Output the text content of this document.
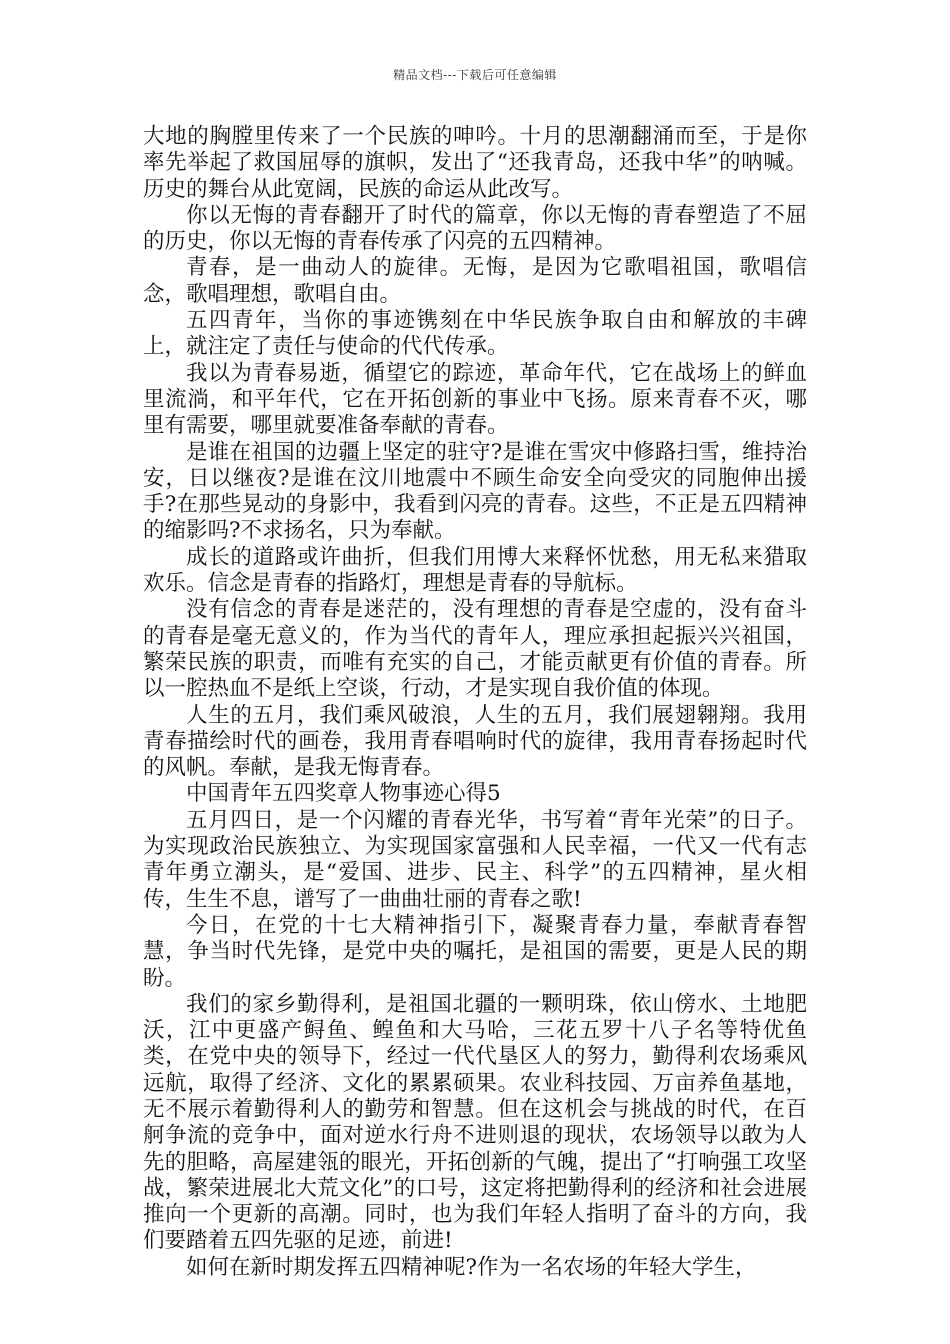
精品文档---下载后可任意编辑

大地的胸膛里传来了一个民族的呻吟。十月的思潮翻涌而至，于是你率先举起了救国屈辱的旗帜，发出了“还我青岛，还我中华”的呐喊。历史的舞台从此宽阔，民族的命运从此改写。

你以无悔的青春翻开了时代的篇章，你以无悔的青春塑造了不屈的历史，你以无悔的青春传承了闪亮的五四精神。

青春，是一曲动人的旋律。无悔，是因为它歌唱祖国，歌唱信念，歌唱理想，歌唱自由。

五四青年，当你的事迹镌刻在中华民族争取自由和解放的丰碑上，就注定了责任与使命的代代传承。

我以为青春易逝，循望它的踪迹，革命年代，它在战场上的鲜血里流淌，和平年代，它在开拓创新的事业中飞扬。原来青春不灭，哪里有需要，哪里就要准备奉献的青春。

是谁在祖国的边疆上坚定的驻守?是谁在雪灾中修路扫雪，维持治安，日以继夜?是谁在汶川地震中不顾生命安全向受灾的同胞伸出援手?在那些晃动的身影中，我看到闪亮的青春。这些，不正是五四精神的缩影吗?不求扬名，只为奉献。

成长的道路或许曲折，但我们用博大来释怀忧愁，用无私来猎取欢乐。信念是青春的指路灯，理想是青春的导航标。

没有信念的青春是迷茫的，没有理想的青春是空虚的，没有奋斗的青春是毫无意义的，作为当代的青年人，理应承担起振兴兴祖国，繁荣民族的职责，而唯有充实的自己，才能贡献更有价值的青春。所以一腔热血不是纸上空谈，行动，才是实现自我价值的体现。

人生的五月，我们乘风破浪，人生的五月，我们展翅翱翔。我用青春描绘时代的画卷，我用青春唱响时代的旋律，我用青春扬起时代的风帆。奉献，是我无悔青春。

中国青年五四奖章人物事迹心得5

五月四日，是一个闪耀的青春光华，书写着“青年光荣”的日子。为实现政治民族独立、为实现国家富强和人民幸福，一代又一代有志青年勇立潮头，是“爱国、进步、民主、科学”的五四精神，星火相传，生生不息，谱写了一曲曲壮丽的青春之歌!

今日，在党的十七大精神指引下，凝聚青春力量，奉献青春智慧，争当时代先锋，是党中央的嘱托，是祖国的需要，更是人民的期盼。

我们的家乡勤得利，是祖国北疆的一颗明珠，依山傍水、土地肥沃，江中更盛产鲟鱼、鳇鱼和大马哈，三花五罗十八子名等特优鱼类，在党中央的领导下，经过一代代垦区人的努力，勤得利农场乘风远航，取得了经济、文化的累累硕果。农业科技园、万亩养鱼基地，无不展示着勤得利人的勤劳和智慧。但在这机会与挑战的时代，在百舸争流的竞争中，面对逆水行舟不进则退的现状，农场领导以敢为人先的胆略，高屋建瓴的眼光，开拓创新的气魄，提出了“打响强工攻坚战，繁荣进展北大荒文化”的口号，这定将把勤得利的经济和社会进展推向一个更新的高潮。同时，也为我们年轻人指明了奋斗的方向，我们要踏着五四先驱的足迹，前进!

如何在新时期发挥五四精神呢?作为一名农场的年轻大学生，
